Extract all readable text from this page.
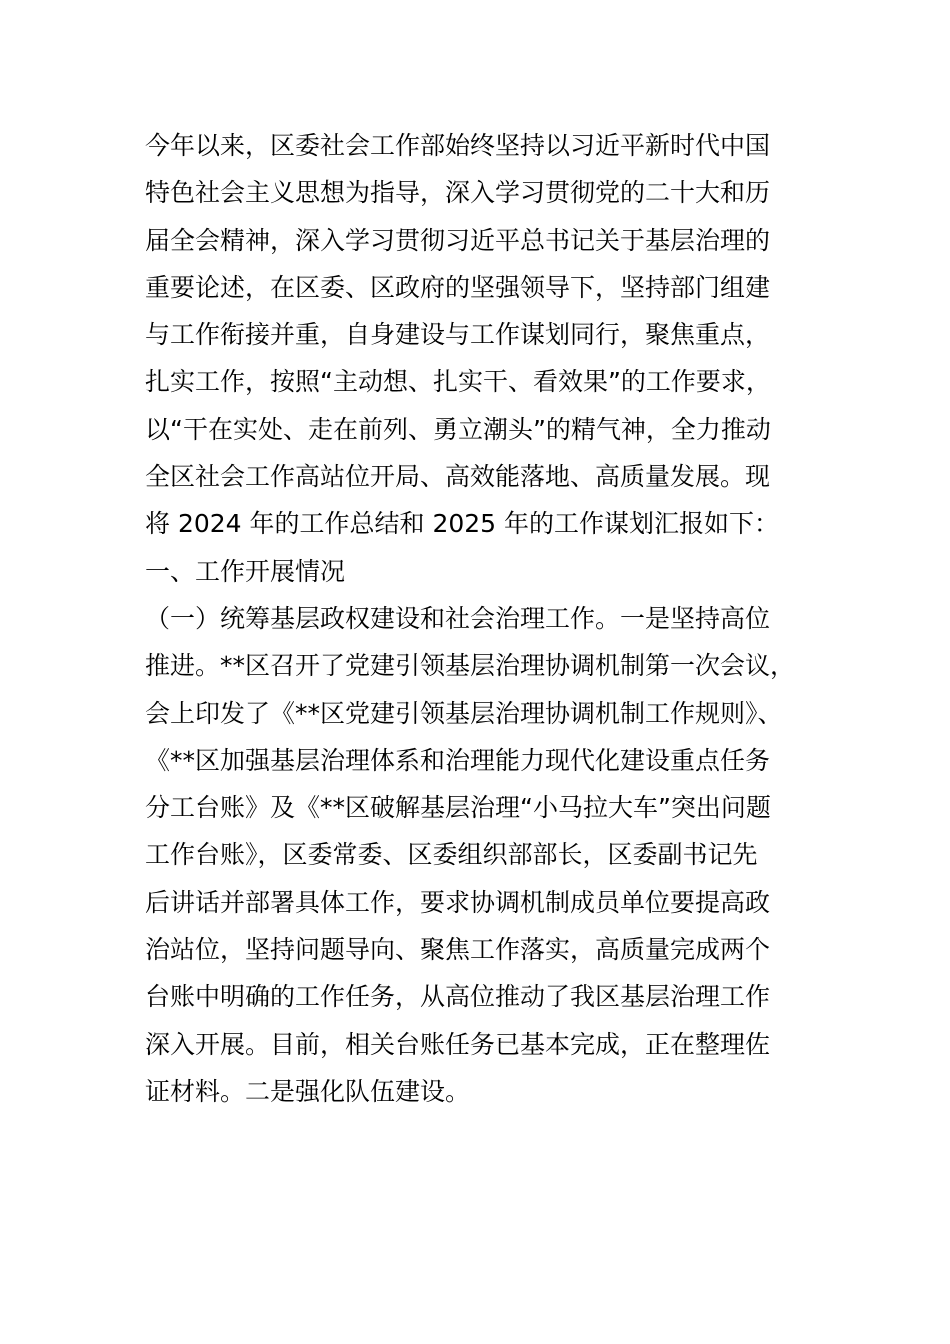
今年以来，区委社会工作部始终坚持以习近平新时代中国
特色社会主义思想为指导，深入学习贯彻党的二十大和历
届全会精神，深入学习贯彻习近平总书记关于基层治理的
重要论述，在区委、区政府的坚强领导下，坚持部门组建
与工作衔接并重，自身建设与工作谋划同行，聚焦重点，
扎实工作，按照“主动想、扎实干、看效果”的工作要求，
以“干在实处、走在前列、勇立潮头”的精气神，全力推动
全区社会工作高站位开局、高效能落地、高质量发展。现
将 2024 年的工作总结和 2025 年的工作谋划汇报如下：
一、工作开展情况
（一）统筹基层政权建设和社会治理工作。一是坚持高位
推进。**区召开了党建引领基层治理协调机制第一次会议，
会上印发了《**区党建引领基层治理协调机制工作规则》、
《**区加强基层治理体系和治理能力现代化建设重点任务
分工台账》及《**区破解基层治理“小马拉大车”突出问题
工作台账》，区委常委、区委组织部部长，区委副书记先
后讲话并部署具体工作，要求协调机制成员单位要提高政
治站位，坚持问题导向、聚焦工作落实，高质量完成两个
台账中明确的工作任务，从高位推动了我区基层治理工作
深入开展。目前，相关台账任务已基本完成，正在整理佐
证材料。二是强化队伍建设。
